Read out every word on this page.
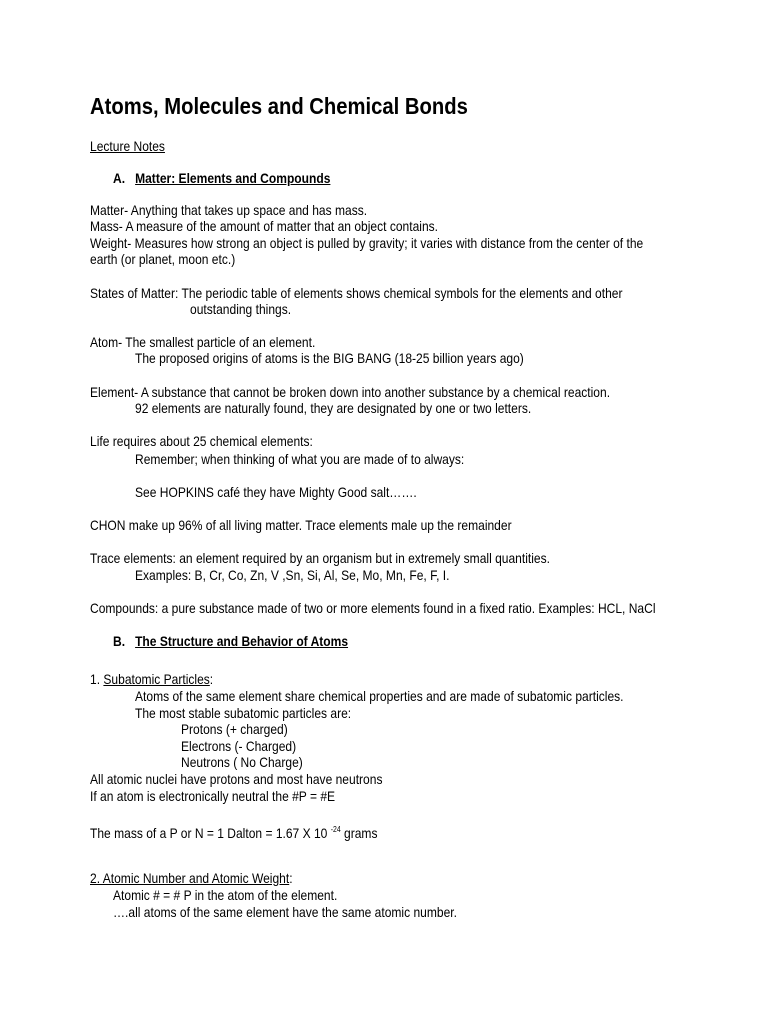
Atoms, Molecules and Chemical Bonds
Lecture Notes
A. Matter: Elements and Compounds
Matter- Anything that takes up space and has mass.
Mass- A measure of the amount of matter that an object contains.
Weight- Measures how strong an object is pulled by gravity; it varies with distance from the center of the
earth (or planet, moon etc.)
States of Matter: The periodic table of elements shows chemical symbols for the elements and other
outstanding things.
Atom- The smallest particle of an element.
The proposed origins of atoms is the BIG BANG (18-25 billion years ago)
Element- A substance that cannot be broken down into another substance by a chemical reaction.
92 elements are naturally found, they are designated by one or two letters.
Life requires about 25 chemical elements:
Remember; when thinking of what you are made of to always:
See HOPKINS café they have Mighty Good salt…….
CHON make up 96% of all living matter. Trace elements male up the remainder
Trace elements: an element required by an organism but in extremely small quantities.
Examples: B, Cr, Co, Zn, V ,Sn, Si, Al, Se, Mo, Mn, Fe, F, I.
Compounds: a pure substance made of two or more elements found in a fixed ratio. Examples: HCL, NaCl
B. The Structure and Behavior of Atoms
1. Subatomic Particles:
Atoms of the same element share chemical properties and are made of subatomic particles.
The most stable subatomic particles are:
Protons (+ charged)
Electrons (- Charged)
Neutrons ( No Charge)
All atomic nuclei have protons and most have neutrons
If an atom is electronically neutral the #P = #E
The mass of a P or N = 1 Dalton = 1.67 X 10 $^{-24}$ grams
2. Atomic Number and Atomic Weight:
Atomic # = # P in the atom of the element.
….all atoms of the same element have the same atomic number.
